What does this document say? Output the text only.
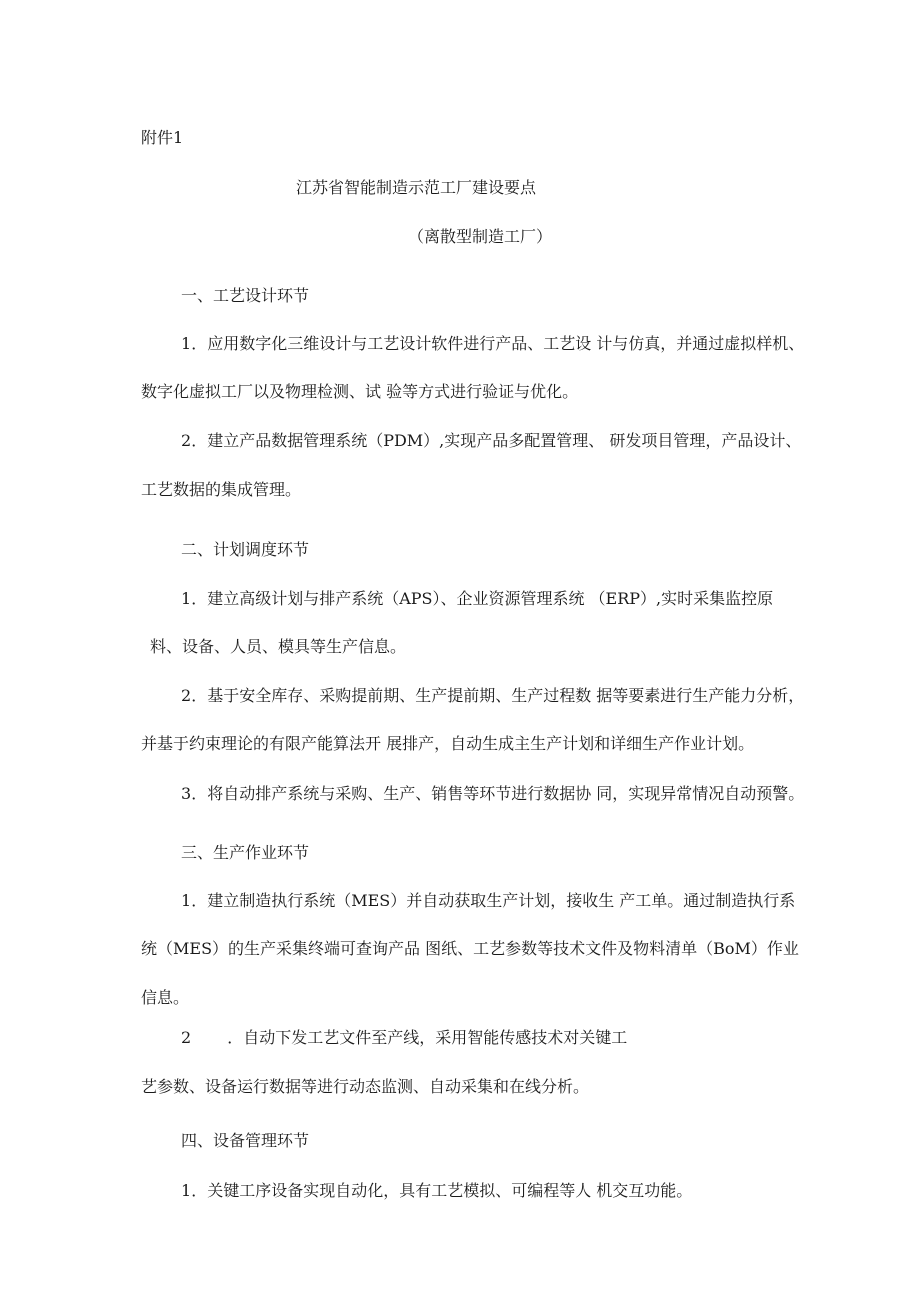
附件1

江苏省智能制造示范工厂建设要点

（离散型制造工厂）

一、工艺设计环节

1．应用数字化三维设计与工艺设计软件进行产品、工艺设 计与仿真，并通过虚拟样机、

数字化虚拟工厂以及物理检测、试 验等方式进行验证与优化。

2．建立产品数据管理系统（PDM）,实现产品多配置管理、 研发项目管理，产品设计、

工艺数据的集成管理。

二、计划调度环节

1．建立高级计划与排产系统（APS）、企业资源管理系统 （ERP）,实时采集监控原

料、设备、人员、模具等生产信息。

2．基于安全库存、采购提前期、生产提前期、生产过程数 据等要素进行生产能力分析，

并基于约束理论的有限产能算法开 展排产，自动生成主生产计划和详细生产作业计划。

3．将自动排产系统与采购、生产、销售等环节进行数据协 同，实现异常情况自动预警。

三、生产作业环节

1．建立制造执行系统（MES）并自动获取生产计划，接收生 产工单。通过制造执行系

统（MES）的生产采集终端可查询产品 图纸、工艺参数等技术文件及物料清单（BoM）作业

信息。

2 ．自动下发工艺文件至产线，采用智能传感技术对关键工

艺参数、设备运行数据等进行动态监测、自动采集和在线分析。

四、设备管理环节

1．关键工序设备实现自动化，具有工艺模拟、可编程等人 机交互功能。
